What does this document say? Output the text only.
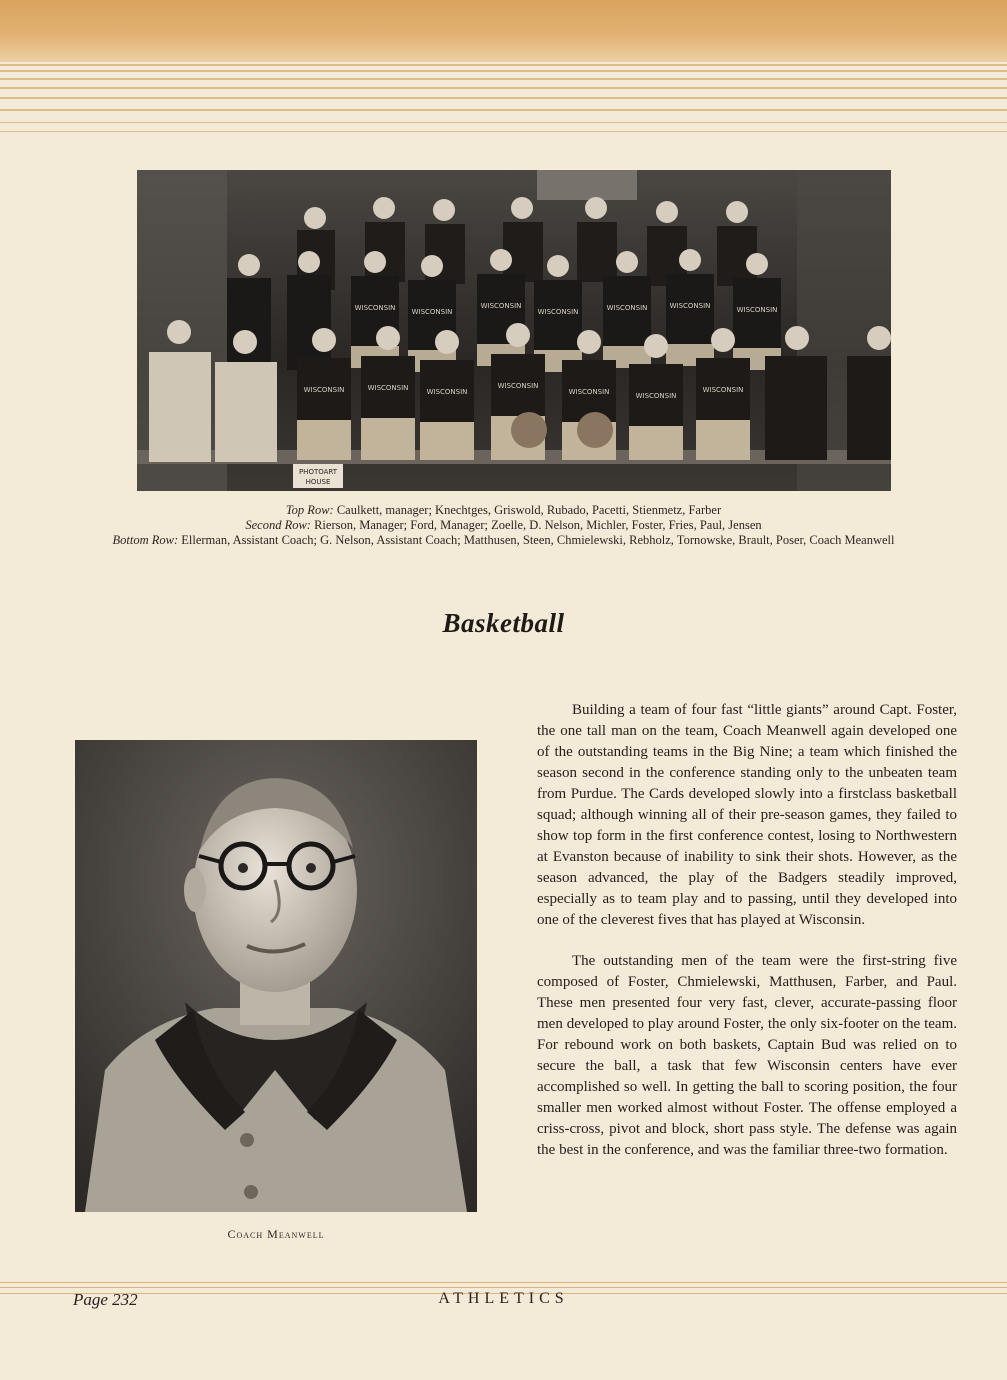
PHOTOART
HOUSE
WISCONSIN WISCONSIN
WISCONSIN
WISCONSIN	WISCONSIN	WISCONSIN	WISCONSIN
WISCONSIN	WISCONSIN	WISCONSIN
WISCONSIN
WISCONSIN	WISCONSIN
WISCONSIN
Top Row: Caulkett, manager; Knechtges, Griswold, Rubado, Pacetti, Stienmetz, Farber
Second Row: Rierson, Manager; Ford, Manager; Zoelle, D. Nelson, Michler, Foster, Fries, Paul, Jensen
Bottom Row: Ellerman, Assistant Coach; G. Nelson, Assistant Coach; Matthusen, Steen, Chmielewski, Rebholz, Tornowske, Brault, Poser, Coach Meanwell
Basketball
Coach Meanwell

Building a team of four fast “little giants” around Capt. Foster, the one tall man on the team, Coach Meanwell again developed one of the outstanding teams in the Big Nine; a team which finished the season second in the conference standing only to the unbeaten team from Purdue. The Cards developed slowly into a firstclass basketball squad; although winning all of their pre-season games, they failed to show top form in the first conference contest, losing to Northwestern at Evanston because of inability to sink their shots. However, as the season advanced, the play of the Badgers steadily improved, especially as to team play and to passing, until they developed into one of the cleverest fives that has played at Wisconsin.

The outstanding men of the team were the first-string five composed of Foster, Chmielewski, Matthusen, Farber, and Paul. These men presented four very fast, clever, accurate-passing floor men developed to play around Foster, the only six-footer on the team. For rebound work on both baskets, Captain Bud was relied on to secure the ball, a task that few Wisconsin centers have ever accomplished so well. In getting the ball to scoring position, the four smaller men worked almost without Foster. The offense employed a criss-cross, pivot and block, short pass style. The defense was again the best in the conference, and was the familiar three-two formation.

Page 232	ATHLETICS
